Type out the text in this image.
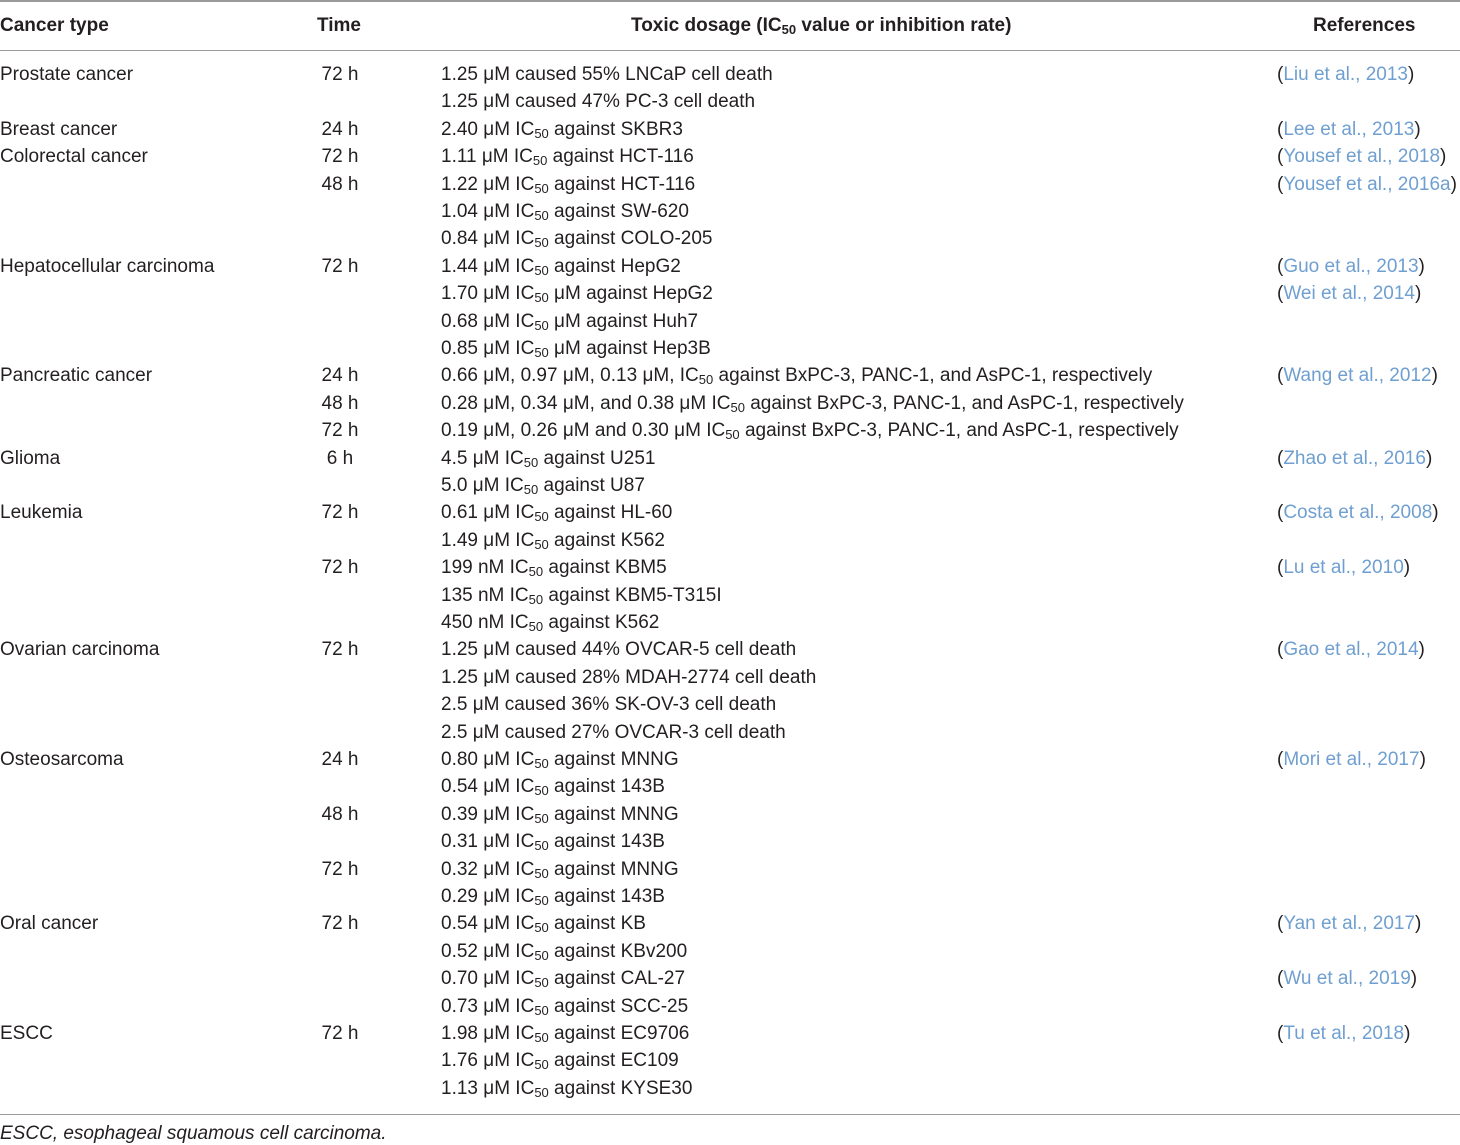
Cancer type	Time	Toxic dosage ($IC_{50}$ value or inhibition rate)	References
Prostate cancer	72 h	1.25 μM caused 55% LNCaP cell death	(Liu et al., 2013)
1.25 μM caused 47% PC-3 cell death
Breast cancer	24 h	2.40 μM $IC_{50}$ against SKBR3	(Lee et al., 2013)
Colorectal cancer	72 h	1.11 μM $IC_{50}$ against HCT-116	(Yousef et al., 2018)
48 h	1.22 μM $IC_{50}$ against HCT-116	(Yousef et al., 2016a)
1.04 μM $IC_{50}$ against SW-620
0.84 μM $IC_{50}$ against COLO-205
Hepatocellular carcinoma	72 h	1.44 μM $IC_{50}$ against HepG2	(Guo et al., 2013)
1.70 μM $IC_{50}$ μM against HepG2	(Wei et al., 2014)
0.68 μM $IC_{50}$ μM against Huh7
0.85 μM $IC_{50}$ μM against Hep3B
Pancreatic cancer	24 h	0.66 μM, 0.97 μM, 0.13 μM, $IC_{50}$ against BxPC-3, PANC-1, and AsPC-1, respectively	(Wang et al., 2012)
48 h	0.28 μM, 0.34 μM, and 0.38 μM $IC_{50}$ against BxPC-3, PANC-1, and AsPC-1, respectively
72 h	0.19 μM, 0.26 μM and 0.30 μM $IC_{50}$ against BxPC-3, PANC-1, and AsPC-1, respectively
Glioma	6 h	4.5 μM $IC_{50}$ against U251	(Zhao et al., 2016)
5.0 μM $IC_{50}$ against U87
Leukemia	72 h	0.61 μM $IC_{50}$ against HL-60	(Costa et al., 2008)
1.49 μM $IC_{50}$ against K562
72 h	199 nM $IC_{50}$ against KBM5	(Lu et al., 2010)
135 nM $IC_{50}$ against KBM5-T315I
450 nM $IC_{50}$ against K562
Ovarian carcinoma	72 h	1.25 μM caused 44% OVCAR-5 cell death	(Gao et al., 2014)
1.25 μM caused 28% MDAH-2774 cell death
2.5 μM caused 36% SK-OV-3 cell death
2.5 μM caused 27% OVCAR-3 cell death
Osteosarcoma	24 h	0.80 μM $IC_{50}$ against MNNG	(Mori et al., 2017)
0.54 μM $IC_{50}$ against 143B
48 h	0.39 μM $IC_{50}$ against MNNG
0.31 μM $IC_{50}$ against 143B
72 h	0.32 μM $IC_{50}$ against MNNG
0.29 μM $IC_{50}$ against 143B
Oral cancer	72 h	0.54 μM $IC_{50}$ against KB	(Yan et al., 2017)
0.52 μM $IC_{50}$ against KBv200
0.70 μM $IC_{50}$ against CAL-27	(Wu et al., 2019)
0.73 μM $IC_{50}$ against SCC-25
ESCC	72 h	1.98 μM $IC_{50}$ against EC9706	(Tu et al., 2018)
1.76 μM $IC_{50}$ against EC109
1.13 μM $IC_{50}$ against KYSE30
ESCC, esophageal squamous cell carcinoma.
